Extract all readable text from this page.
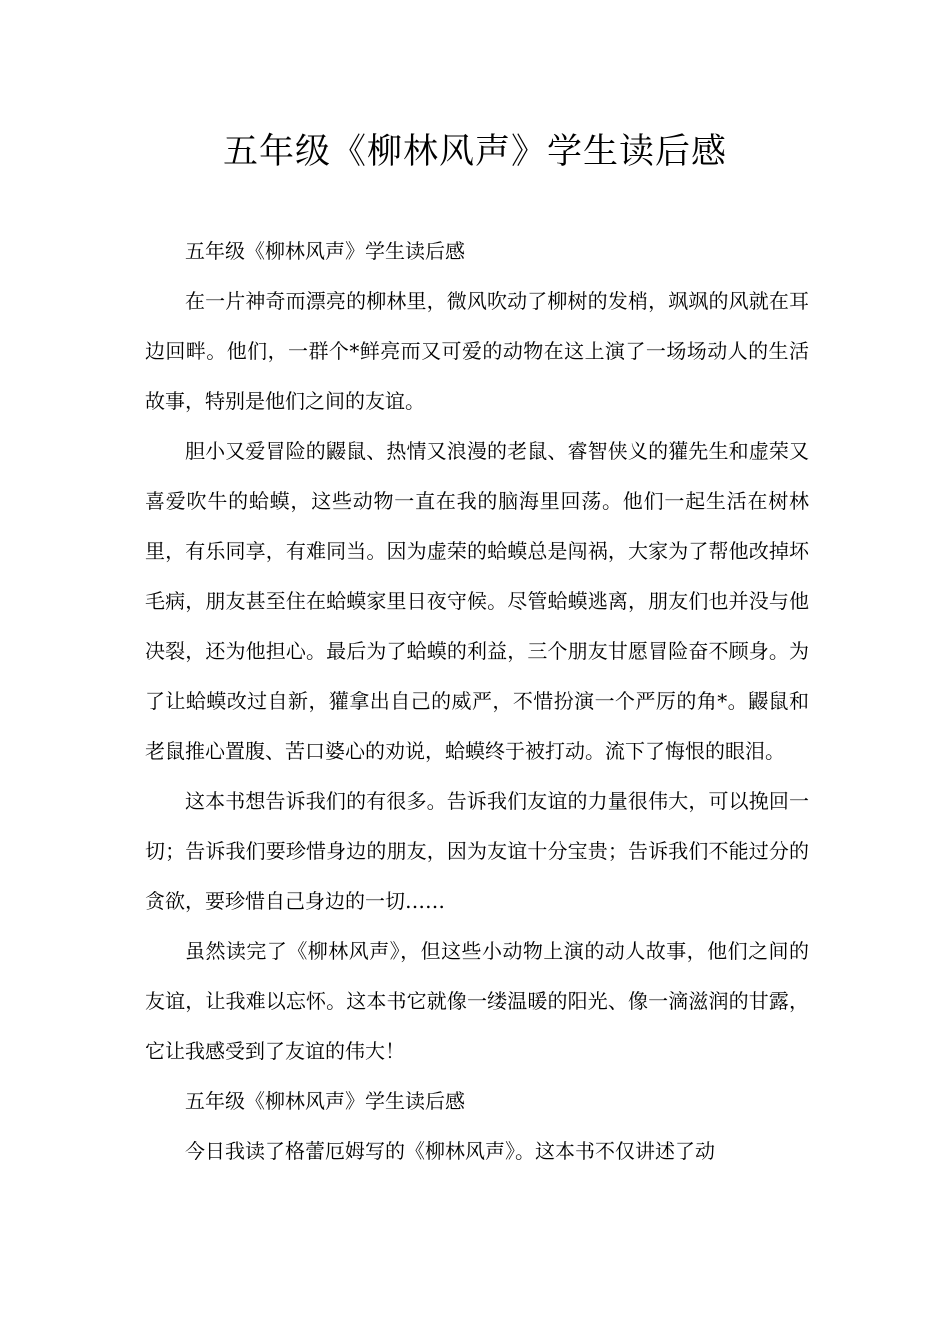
五年级《柳林风声》学生读后感

五年级《柳林风声》学生读后感

在一片神奇而漂亮的柳林里，微风吹动了柳树的发梢，飒飒的风就在耳边回畔。他们，一群个*鲜亮而又可爱的动物在这上演了一场场动人的生活故事，特别是他们之间的友谊。

胆小又爱冒险的鼹鼠、热情又浪漫的老鼠、睿智侠义的獾先生和虚荣又喜爱吹牛的蛤蟆，这些动物一直在我的脑海里回荡。他们一起生活在树林里，有乐同享，有难同当。因为虚荣的蛤蟆总是闯祸，大家为了帮他改掉坏毛病，朋友甚至住在蛤蟆家里日夜守候。尽管蛤蟆逃离，朋友们也并没与他决裂，还为他担心。最后为了蛤蟆的利益，三个朋友甘愿冒险奋不顾身。为了让蛤蟆改过自新，獾拿出自己的威严，不惜扮演一个严厉的角*。鼹鼠和老鼠推心置腹、苦口婆心的劝说，蛤蟆终于被打动。流下了悔恨的眼泪。

这本书想告诉我们的有很多。告诉我们友谊的力量很伟大，可以挽回一切；告诉我们要珍惜身边的朋友，因为友谊十分宝贵；告诉我们不能过分的贪欲，要珍惜自己身边的一切……

虽然读完了《柳林风声》，但这些小动物上演的动人故事，他们之间的友谊，让我难以忘怀。这本书它就像一缕温暖的阳光、像一滴滋润的甘露，它让我感受到了友谊的伟大！

五年级《柳林风声》学生读后感

今日我读了格蕾厄姆写的《柳林风声》。这本书不仅讲述了动
